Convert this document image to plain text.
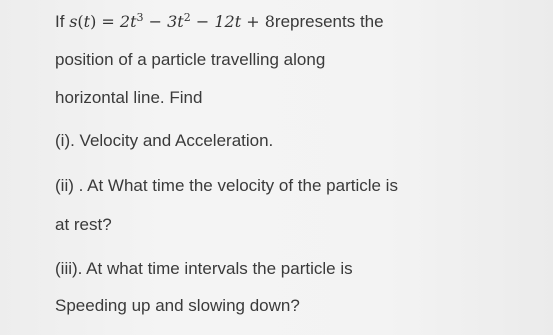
If $s(t) = 2t^3 - 3t^2 - 12t$ + 8represents the
position of a particle travelling along
horizontal line. Find
(i). Velocity and Acceleration.
(ii) . At What time the velocity of the particle is
at rest?
(iii). At what time intervals the particle is
Speeding up and slowing down?
